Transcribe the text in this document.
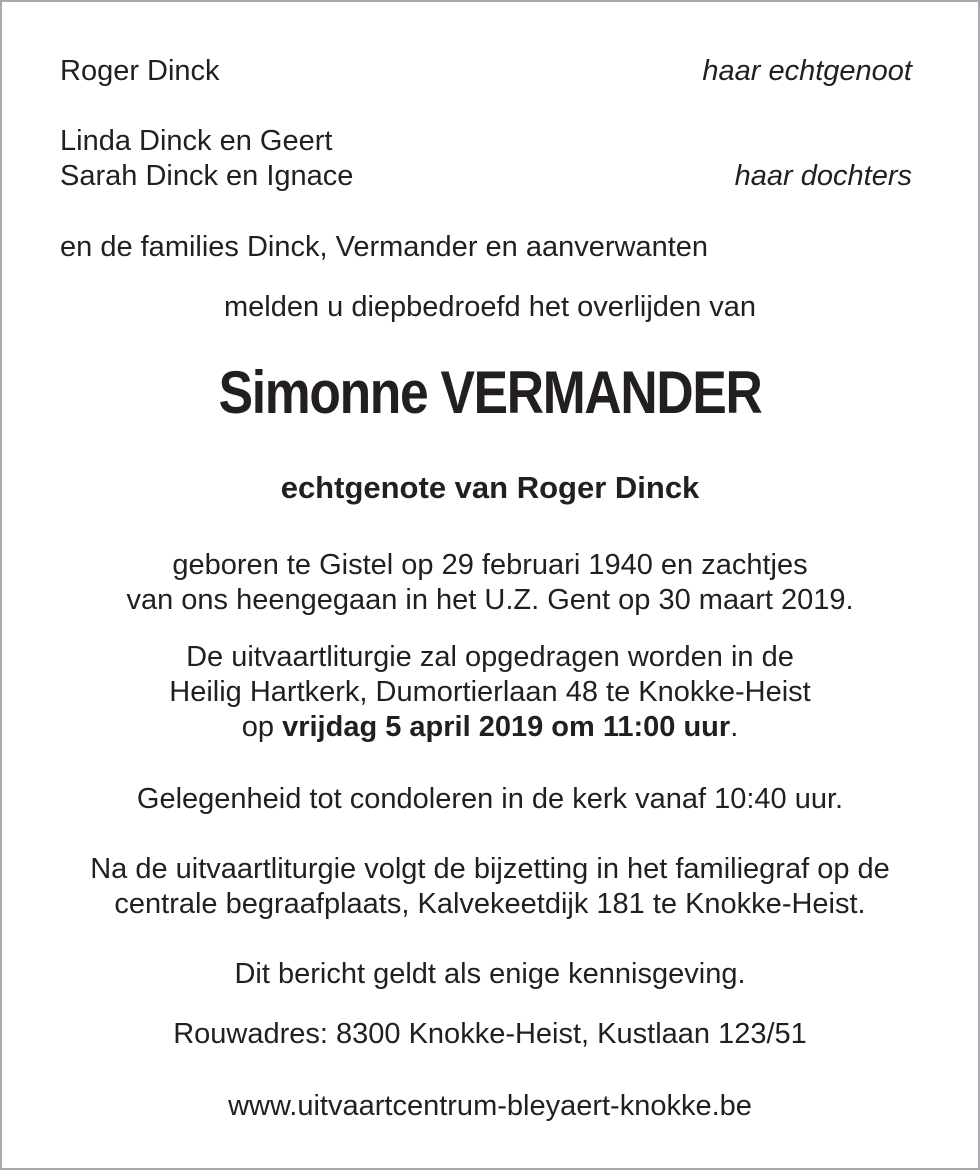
Roger Dinck	haar echtgenoot
Linda Dinck en Geert
Sarah Dinck en Ignace	haar dochters
en de families Dinck, Vermander en aanverwanten
melden u diepbedroefd het overlijden van
Simonne VERMANDER
echtgenote van Roger Dinck
geboren te Gistel op 29 februari 1940 en zachtjes
van ons heengegaan in het U.Z. Gent op 30 maart 2019.
De uitvaartliturgie zal opgedragen worden in de
Heilig Hartkerk, Dumortierlaan 48 te Knokke-Heist
op vrijdag 5 april 2019 om 11:00 uur.
Gelegenheid tot condoleren in de kerk vanaf 10:40 uur.
Na de uitvaartliturgie volgt de bijzetting in het familiegraf op de
centrale begraafplaats, Kalvekeetdijk 181 te Knokke-Heist.
Dit bericht geldt als enige kennisgeving.
Rouwadres: 8300 Knokke-Heist, Kustlaan 123/51
www.uitvaartcentrum-bleyaert-knokke.be
